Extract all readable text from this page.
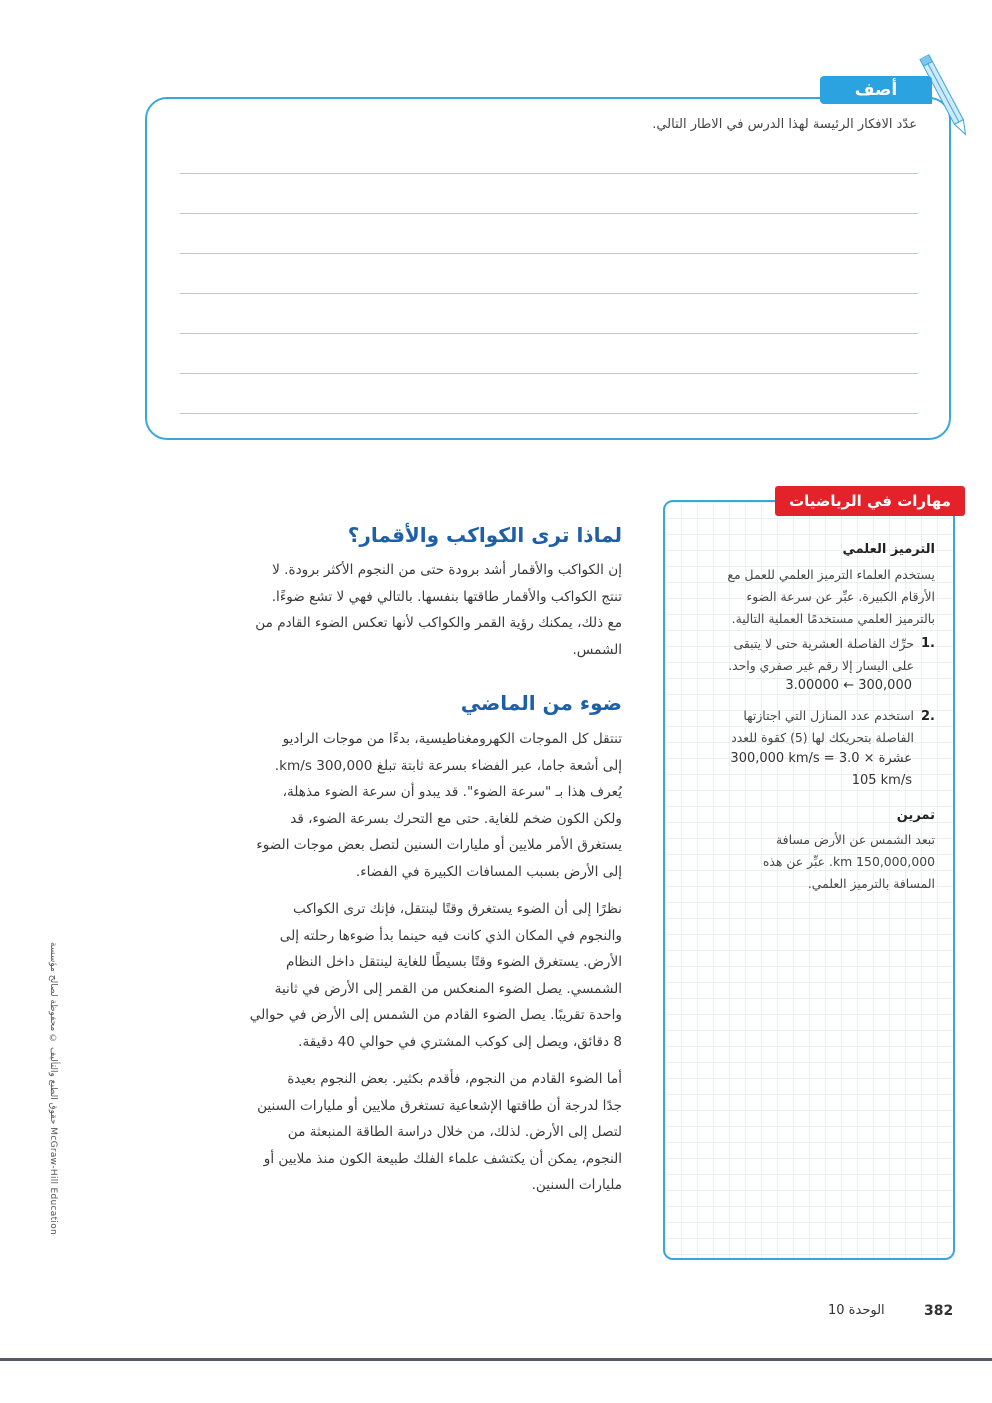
أصف
عدّد الافكار الرئيسة لهذا الدرس في الاطار التالي.
لماذا ترى الكواكب والأقمار؟
إن الكواكب والأقمار أشد برودة حتى من النجوم الأكثر برودة. لا
تنتج الكواكب والأقمار طاقتها بنفسها. بالتالي فهي لا تشع ضوءًا.
مع ذلك، يمكنك رؤية القمر والكواكب لأنها تعكس الضوء القادم من
الشمس.
ضوء من الماضي
تنتقل كل الموجات الكهرومغناطيسية، بدءًا من موجات الراديو
إلى أشعة جاما، عبر الفضاء بسرعة ثابتة تبلغ 300,000 km/s.
يُعرف هذا بـ "سرعة الضوء". قد يبدو أن سرعة الضوء مذهلة،
ولكن الكون ضخم للغاية. حتى مع التحرك بسرعة الضوء، قد
يستغرق الأمر ملايين أو مليارات السنين لتصل بعض موجات الضوء
إلى الأرض بسبب المسافات الكبيرة في الفضاء.
نظرًا إلى أن الضوء يستغرق وقتًا لينتقل، فإنك ترى الكواكب
والنجوم في المكان الذي كانت فيه حينما بدأ ضوءها رحلته إلى
الأرض. يستغرق الضوء وقتًا بسيطًا للغاية لينتقل داخل النظام
الشمسي. يصل الضوء المنعكس من القمر إلى الأرض في ثانية
واحدة تقريبًا. يصل الضوء القادم من الشمس إلى الأرض في حوالي
8 دقائق، ويصل إلى كوكب المشتري في حوالي 40 دقيقة.
أما الضوء القادم من النجوم، فأقدم بكثير. بعض النجوم بعيدة
جدًا لدرجة أن طاقتها الإشعاعية تستغرق ملايين أو مليارات السنين
لتصل إلى الأرض. لذلك، من خلال دراسة الطاقة المنبعثة من
النجوم، يمكن أن يكتشف علماء الفلك طبيعة الكون منذ ملايين أو
مليارات السنين.
مهارات في الرياضيات
الترميز العلمي
يستخدم العلماء الترميز العلمي للعمل مع
الأرقام الكبيرة. عبِّر عن سرعة الضوء
بالترميز العلمي مستخدمًا العملية التالية.
.1
حرِّك الفاصلة العشرية حتى لا يتبقى
على اليسار إلا رقم غير صفري واحد.
3.00000 ← 300,000
.2
استخدم عدد المنازل التي اجتازتها
الفاصلة بتحريكك لها (5) كقوة للعدد
300,000 km/s = 3.0 × عشرة
105 km/s
تمرين
تبعد الشمس عن الأرض مسافة
150,000,000 km. عبِّر عن هذه
المسافة بالترميز العلمي.
McGraw-Hill Education حقوق الطبع والتأليف © محفوظة لصالح مؤسسة
الوحدة 10	382
